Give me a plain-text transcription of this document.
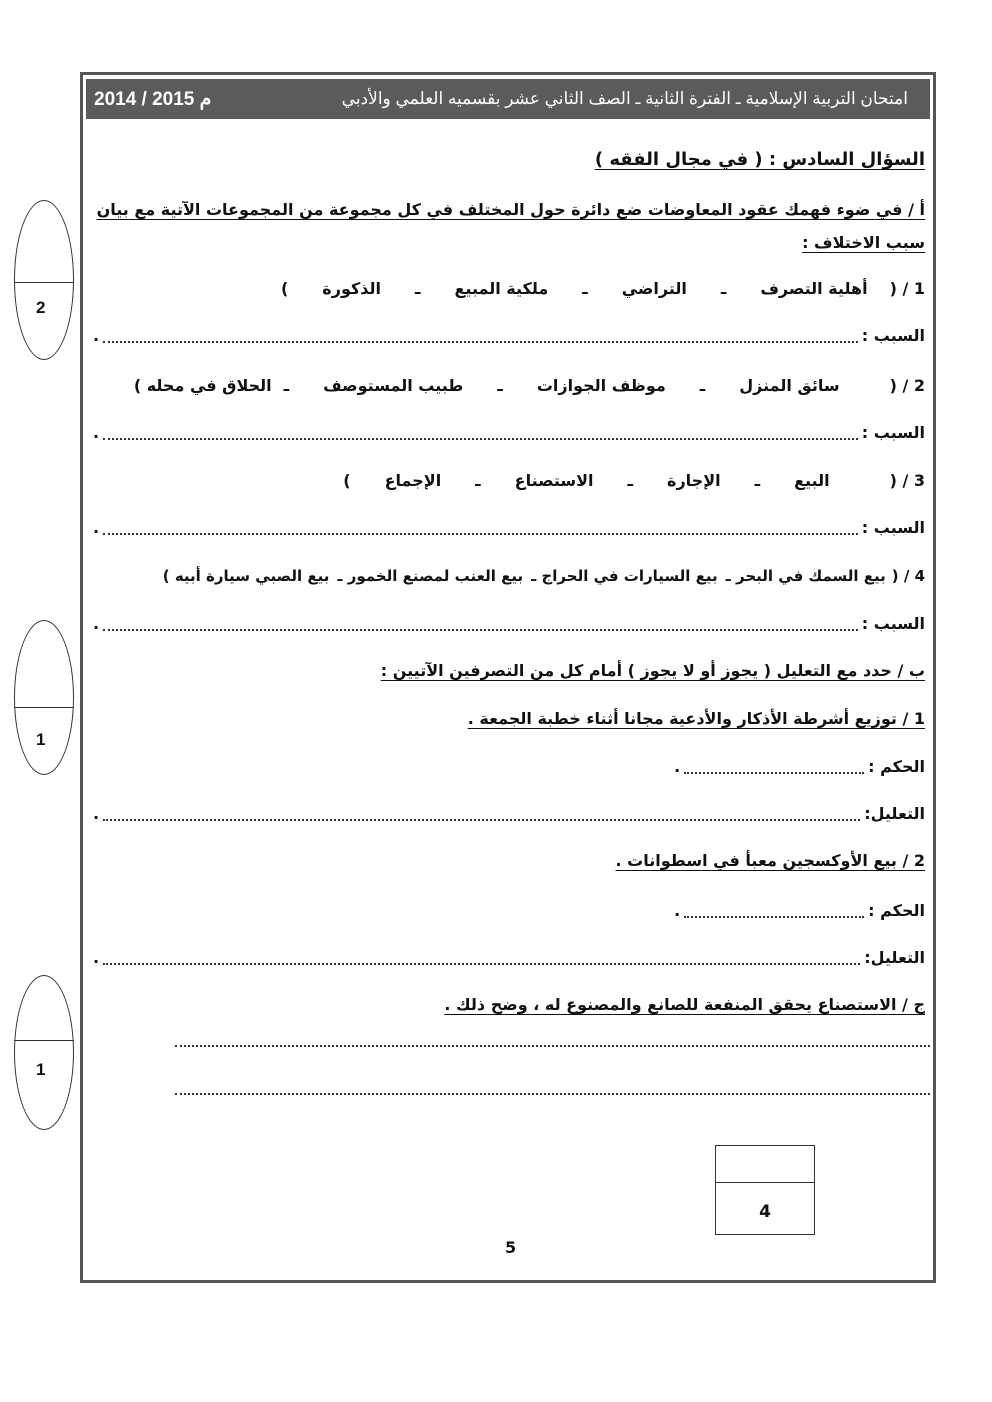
امتحان التربية الإسلامية ـ الفترة الثانية ـ الصف الثاني عشر بقسميه العلمي والأدبي
2014 / 2015 م
السؤال السادس : ( في مجال الفقه )
أ / في ضوء فهمك عقود المعاوضات ضع دائرة حول المختلف في كل مجموعة من المجموعات الآتية مع بيان
سبب الاختلاف :
1 / (
أهلية التصرف
ـ
التراضي
ـ
ملكية المبيع
ـ
الذكورة
)
السبب :
.
2 / (
سائق المنزل
ـ
موظف الجوازات
ـ
طبيب المستوصف
ـ
الحلاق في محله )
السبب :
.
3 / (
البيع
ـ
الإجارة
ـ
الاستصناع
ـ
الإجماع
)
السبب :
.
4 / (
بيع السمك في البحر ـ
بيع السيارات في الحراج ـ
بيع العنب لمصنع الخمور ـ
بيع الصبي سيارة أبيه )
السبب :
.
ب / حدد مع التعليل ( يجوز أو لا يجوز ) أمام كل من التصرفين الآتيين :
1 / توزيع أشرطة الأذكار والأدعية مجانا أثناء خطبة الجمعة .
الحكم :
.
التعليل:
.
2 / بيع الأوكسجين معبأ في اسطوانات .
الحكم :
.
التعليل:
.
ج / الاستصناع يحقق المنفعة للصانع والمصنوع له ، وضح ذلك .
2
1
1
4
5
